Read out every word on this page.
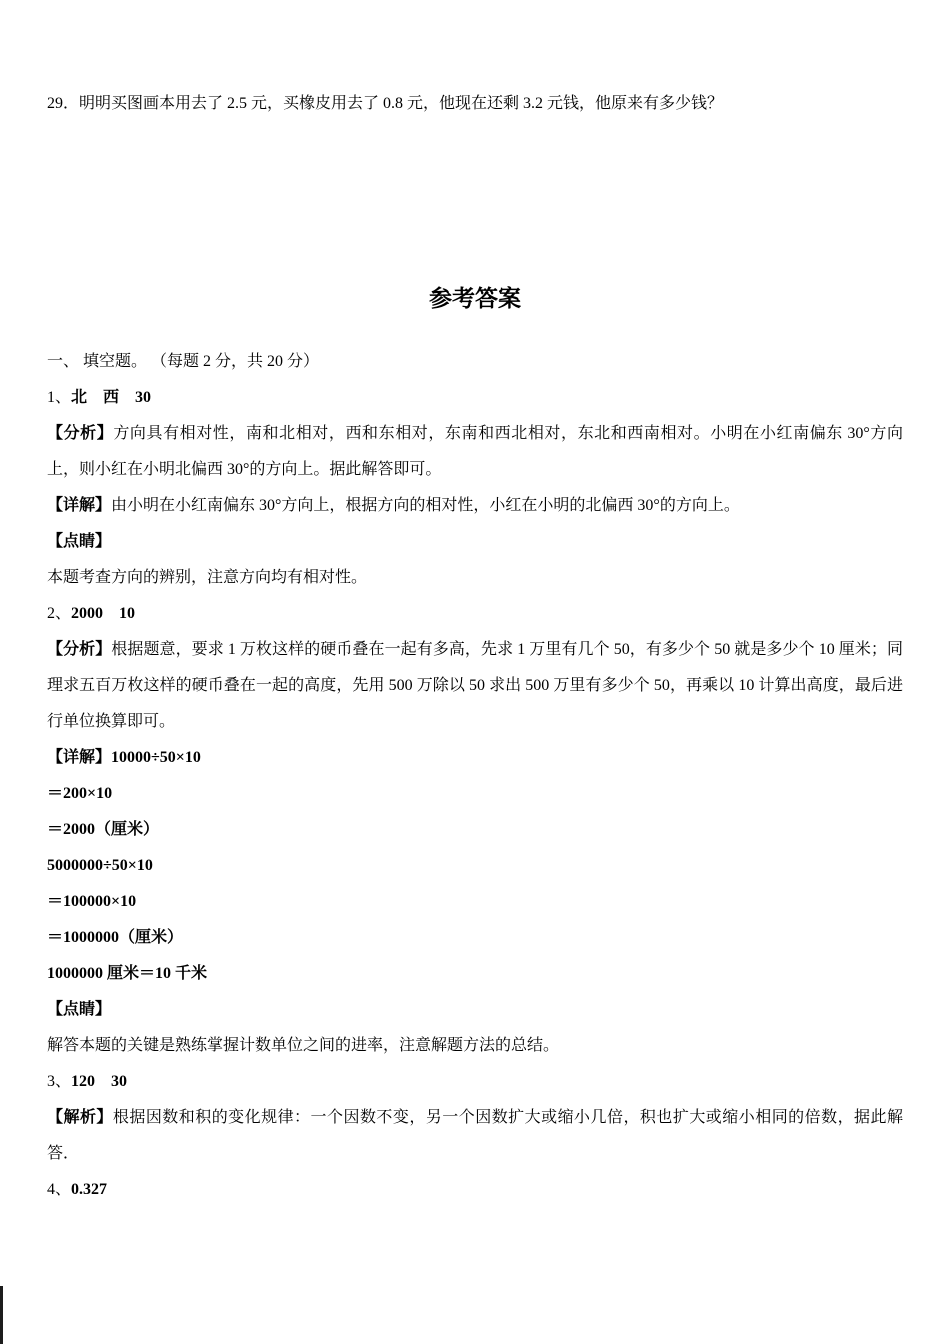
29．明明买图画本用去了 2.5 元，买橡皮用去了 0.8 元，他现在还剩 3.2 元钱，他原来有多少钱？
参考答案
一、 填空题。 （每题 2 分，共 20 分）
1、北　西　30
【分析】方向具有相对性，南和北相对，西和东相对，东南和西北相对，东北和西南相对。小明在小红南偏东 30°方向上，则小红在小明北偏西 30°的方向上。据此解答即可。
【详解】由小明在小红南偏东 30°方向上，根据方向的相对性，小红在小明的北偏西 30°的方向上。
【点睛】
本题考查方向的辨别，注意方向均有相对性。
2、2000　10
【分析】根据题意，要求 1 万枚这样的硬币叠在一起有多高，先求 1 万里有几个 50，有多少个 50 就是多少个 10 厘米；同理求五百万枚这样的硬币叠在一起的高度，先用 500 万除以 50 求出 500 万里有多少个 50，再乘以 10 计算出高度，最后进行单位换算即可。
【详解】10000÷50×10
＝200×10
＝2000（厘米）
5000000÷50×10
＝100000×10
＝1000000（厘米）
1000000 厘米＝10 千米
【点睛】
解答本题的关键是熟练掌握计数单位之间的进率，注意解题方法的总结。
3、120　30
【解析】根据因数和积的变化规律：一个因数不变，另一个因数扩大或缩小几倍，积也扩大或缩小相同的倍数，据此解答．
4、0.327
